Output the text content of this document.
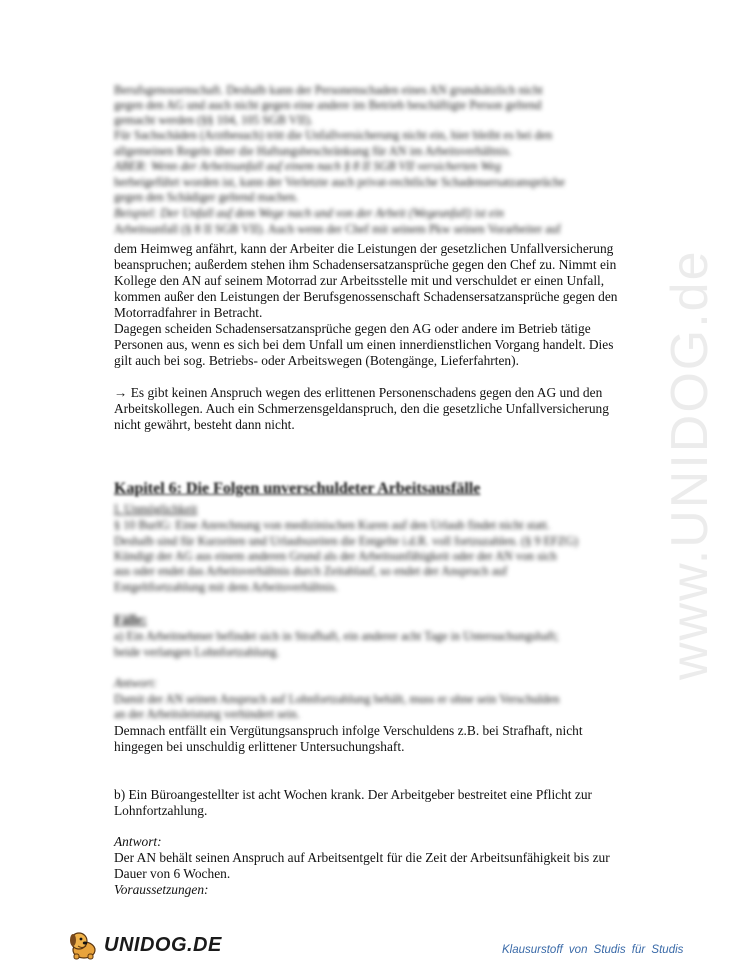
www.UNIDOG.de
Berufsgenossenschaft. Deshalb kann der Personenschaden eines AN grundsätzlich nicht
gegen den AG und auch nicht gegen eine andere im Betrieb beschäftigte Person geltend
gemacht werden (§§ 104, 105 SGB VII).
Für Sachschäden (Arztbesuch) tritt die Unfallversicherung nicht ein, hier bleibt es bei den
allgemeinen Regeln über die Haftungsbeschränkung für AN im Arbeitsverhältnis.
ABER: Wenn der Arbeitsunfall auf einem nach § 8 II SGB VII versicherten Weg
herbeigeführt worden ist, kann der Verletzte auch privat-rechtliche Schadensersatzansprüche
gegen den Schädiger geltend machen.
Beispiel: Der Unfall auf dem Wege nach und von der Arbeit (Wegeunfall) ist ein
Arbeitsunfall (§ 8 II SGB VII). Auch wenn der Chef mit seinem Pkw seinen Vorarbeiter auf
dem Heimweg anfährt, kann der Arbeiter die Leistungen der gesetzlichen Unfallversicherung
beanspruchen; außerdem stehen ihm Schadensersatzansprüche gegen den Chef zu. Nimmt ein
Kollege den AN auf seinem Motorrad zur Arbeitsstelle mit und verschuldet er einen Unfall,
kommen außer den Leistungen der Berufsgenossenschaft Schadensersatzansprüche gegen den
Motorradfahrer in Betracht.
Dagegen scheiden Schadensersatzansprüche gegen den AG oder andere im Betrieb tätige
Personen aus, wenn es sich bei dem Unfall um einen innerdienstlichen Vorgang handelt. Dies
gilt auch bei sog. Betriebs- oder Arbeitswegen (Botengänge, Lieferfahrten).
→ Es gibt keinen Anspruch wegen des erlittenen Personenschadens gegen den AG und den
Arbeitskollegen. Auch ein Schmerzensgeldanspruch, den die gesetzliche Unfallversicherung
nicht gewährt, besteht dann nicht.
Kapitel 6: Die Folgen unverschuldeter Arbeitsausfälle
I. Unmöglichkeit
§ 10 BurlG: Eine Anrechnung von medizinischen Kuren auf den Urlaub findet nicht statt.
Deshalb sind für Kurzeiten und Urlaubszeiten die Entgelte i.d.R. voll fortzuzahlen. (§ 9 EFZG)
Kündigt der AG aus einem anderen Grund als der Arbeitsunfähigkeit oder der AN von sich
aus oder endet das Arbeitsverhältnis durch Zeitablauf, so endet der Anspruch auf
Entgeltfortzahlung mit dem Arbeitsverhältnis.
Fälle:
a) Ein Arbeitnehmer befindet sich in Strafhaft, ein anderer acht Tage in Untersuchungshaft;
beide verlangen Lohnfortzahlung.
Antwort:
Damit der AN seinen Anspruch auf Lohnfortzahlung behält, muss er ohne sein Verschulden
an der Arbeitsleistung verhindert sein.
Demnach entfällt ein Vergütungsanspruch infolge Verschuldens z.B. bei Strafhaft, nicht
hingegen bei unschuldig erlittener Untersuchungshaft.
b) Ein Büroangestellter ist acht Wochen krank. Der Arbeitgeber bestreitet eine Pflicht zur
Lohnfortzahlung.
Antwort:
Der AN behält seinen Anspruch auf Arbeitsentgelt für die Zeit der Arbeitsunfähigkeit bis zur
Dauer von 6 Wochen.
Voraussetzungen:
UNIDOG.DE	Klausurstoff von Studis für Studis
